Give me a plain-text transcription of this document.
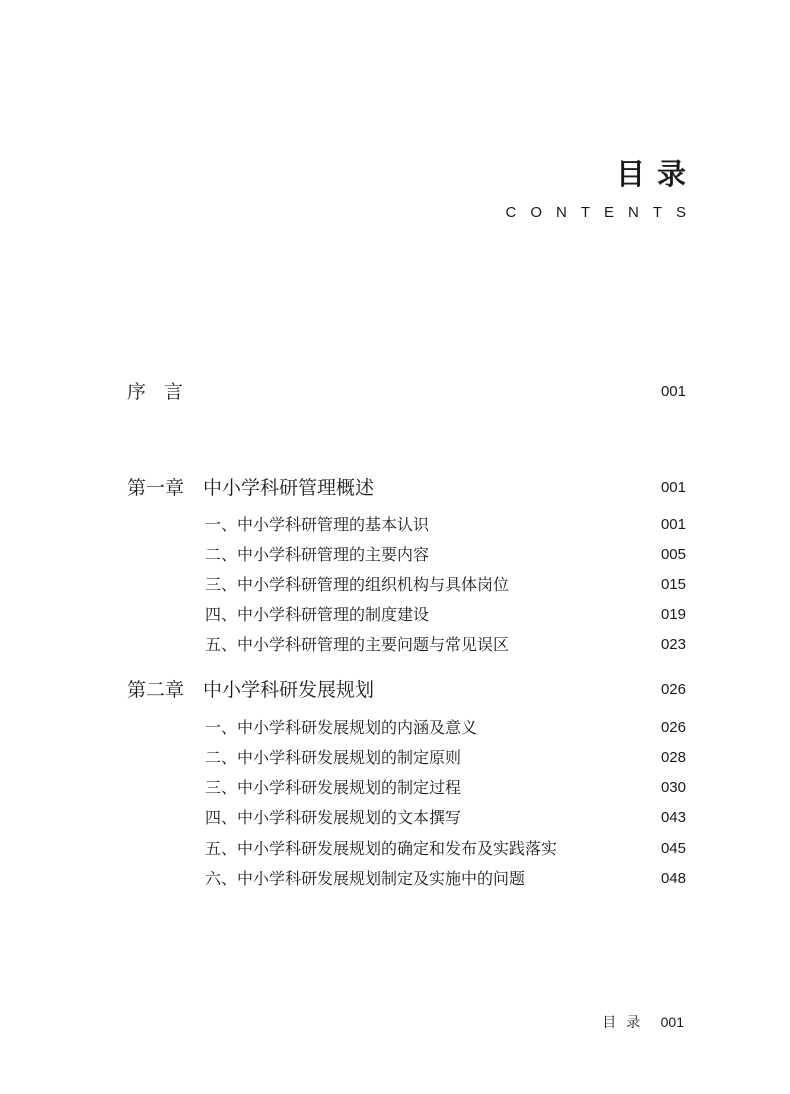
目录
CONTENTS
序言	001
第一章 中小学科研管理概述	001
一、中小学科研管理的基本认识	001
二、中小学科研管理的主要内容	005
三、中小学科研管理的组织机构与具体岗位	015
四、中小学科研管理的制度建设	019
五、中小学科研管理的主要问题与常见误区	023
第二章 中小学科研发展规划	026
一、中小学科研发展规划的内涵及意义	026
二、中小学科研发展规划的制定原则	028
三、中小学科研发展规划的制定过程	030
四、中小学科研发展规划的文本撰写	043
五、中小学科研发展规划的确定和发布及实践落实	045
六、中小学科研发展规划制定及实施中的问题	048
目录 001
